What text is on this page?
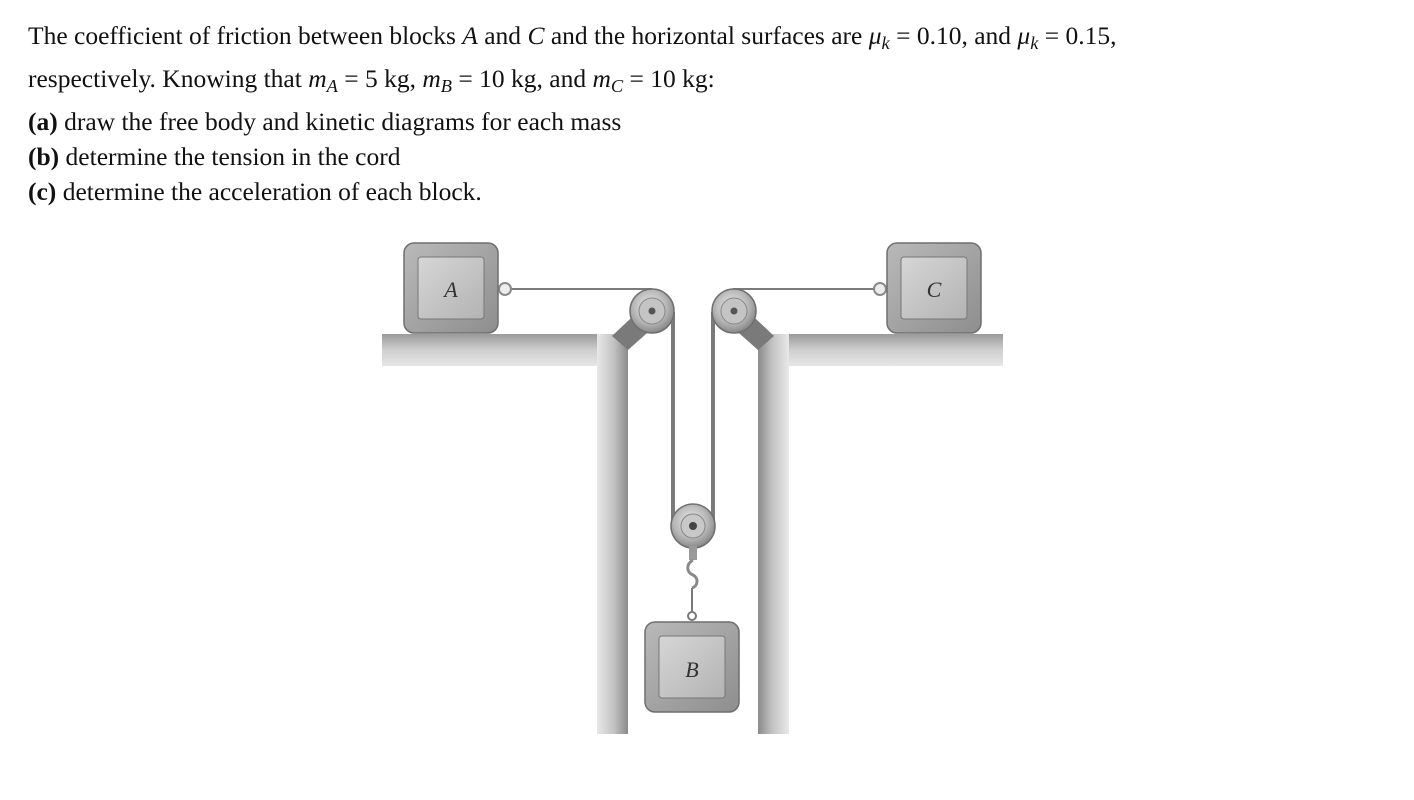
The coefficient of friction between blocks A and C and the horizontal surfaces are $\mu_k = 0.10$, and $\mu_k = 0.15$,

respectively. Knowing that $m_A = 5$ kg, $m_B = 10$ kg, and $m_C = 10$ kg:

(a) draw the free body and kinetic diagrams for each mass

(b) determine the tension in the cord

(c) determine the acceleration of each block.

A	C
B
